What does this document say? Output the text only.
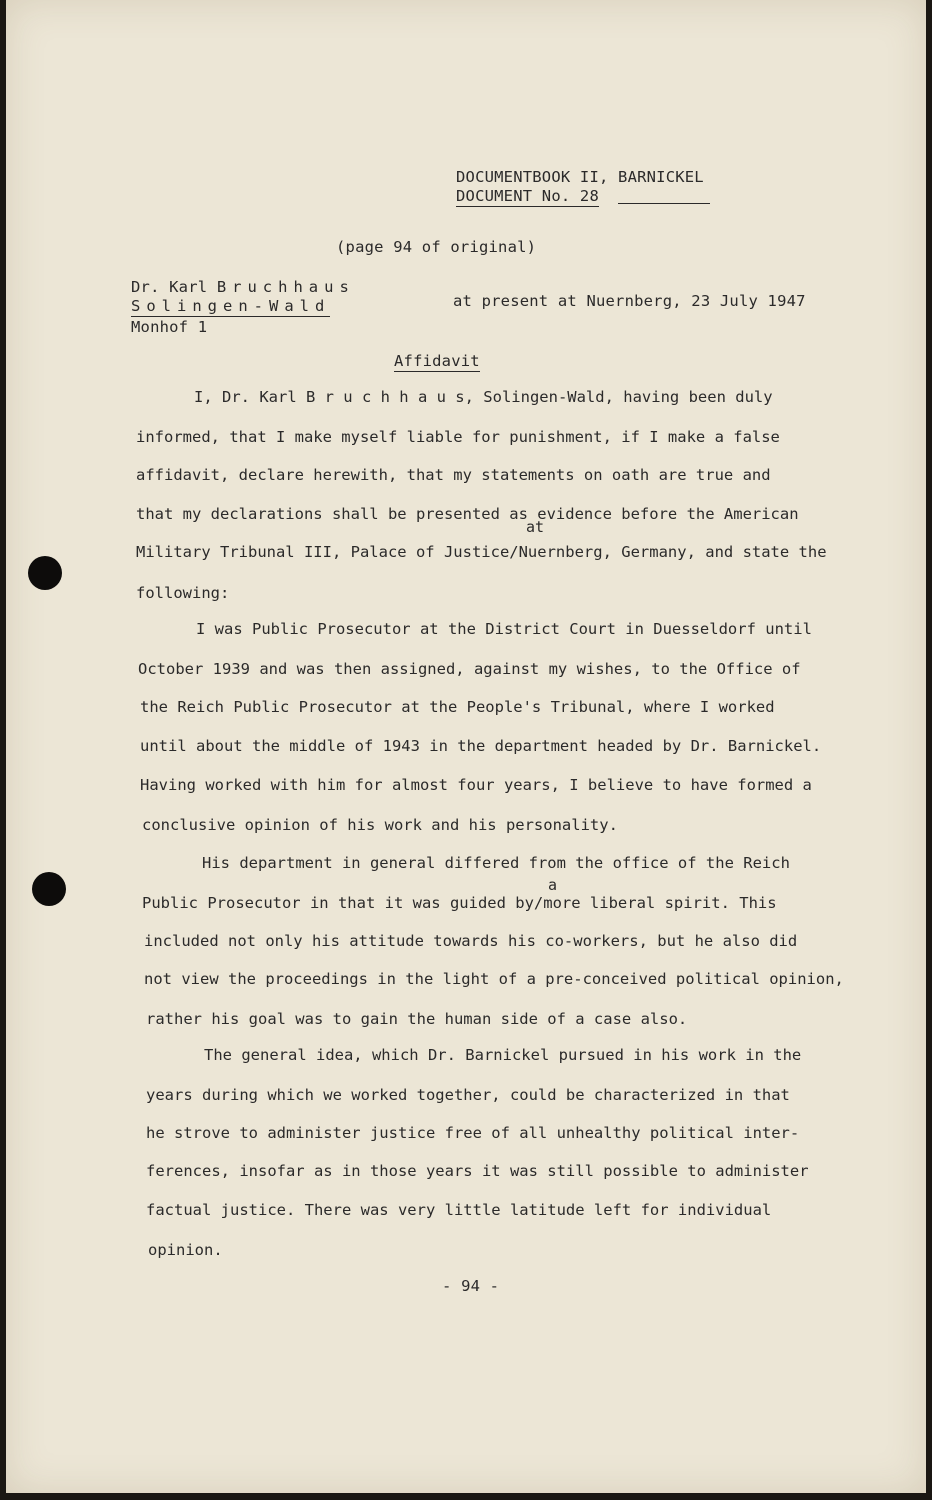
DOCUMENTBOOK II, BARNICKEL
DOCUMENT No. 28
(page 94 of original)
Dr. Karl Bruchhaus
Solingen-Wald
Monhof 1
at present at Nuernberg, 23 July 1947
Affidavit
at
a
I, Dr. Karl B r u c h h a u s, Solingen-Wald, having been duly
informed, that I make myself liable for punishment, if I make a false
affidavit, declare herewith, that my statements on oath are true and
that my declarations shall be presented as evidence before the American
Military Tribunal III, Palace of Justice/Nuernberg, Germany, and state the
following:
I was Public Prosecutor at the District Court in Duesseldorf until
October 1939 and was then assigned, against my wishes, to the Office of
the Reich Public Prosecutor at the People's Tribunal, where I worked
until about the middle of 1943 in the department headed by Dr. Barnickel.
Having worked with him for almost four years, I believe to have formed a
conclusive opinion of his work and his personality.
His department in general differed from the office of the Reich
Public Prosecutor in that it was guided by/more liberal spirit. This
included not only his attitude towards his co-workers, but he also did
not view the proceedings in the light of a pre-conceived political opinion,
rather his goal was to gain the human side of a case also.
The general idea, which Dr. Barnickel pursued in his work in the
years during which we worked together, could be characterized in that
he strove to administer justice free of all unhealthy political inter-
ferences, insofar as in those years it was still possible to administer
factual justice. There was very little latitude left for individual
opinion.
- 94 -
